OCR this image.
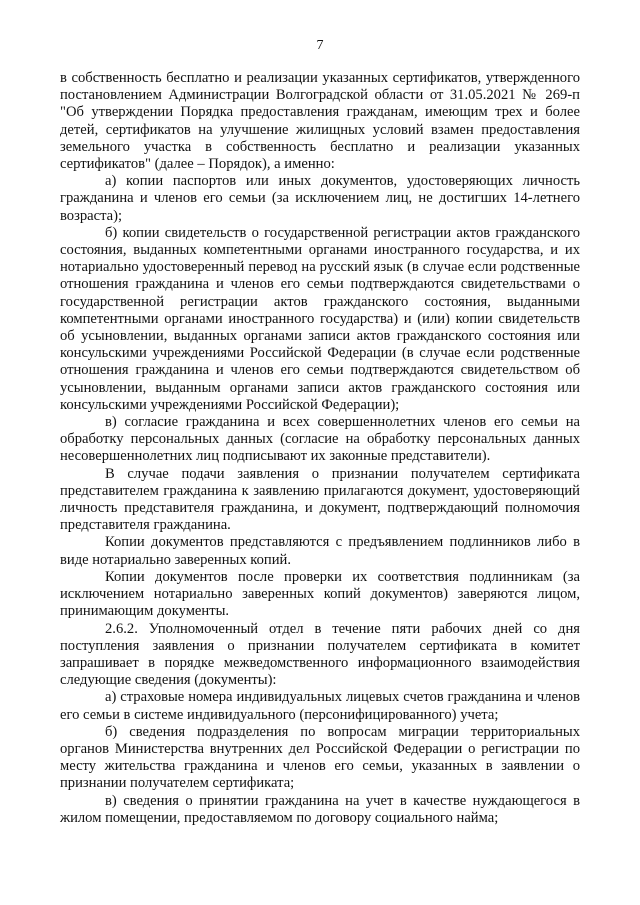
7

в собственность бесплатно и реализации указанных сертификатов, утвержденного постановлением Администрации Волгоградской области от 31.05.2021 № 269-п "Об утверждении Порядка предоставления гражданам, имеющим трех и более детей, сертификатов на улучшение жилищных условий взамен предоставления земельного участка в собственность бесплатно и реализации указанных сертификатов" (далее – Порядок), а именно:

а) копии паспортов или иных документов, удостоверяющих личность гражданина и членов его семьи (за исключением лиц, не достигших 14-летнего возраста);

б) копии свидетельств о государственной регистрации актов гражданского состояния, выданных компетентными органами иностранного государства, и их нотариально удостоверенный перевод на русский язык (в случае если родственные отношения гражданина и членов его семьи подтверждаются свидетельствами о государственной регистрации актов гражданского состояния, выданными компетентными органами иностранного государства) и (или) копии свидетельств об усыновлении, выданных органами записи актов гражданского состояния или консульскими учреждениями Российской Федерации (в случае если родственные отношения гражданина и членов его семьи подтверждаются свидетельством об усыновлении, выданным органами записи актов гражданского состояния или консульскими учреждениями Российской Федерации);

в) согласие гражданина и всех совершеннолетних членов его семьи на обработку персональных данных (согласие на обработку персональных данных несовершеннолетних лиц подписывают их законные представители).

В случае подачи заявления о признании получателем сертификата представителем гражданина к заявлению прилагаются документ, удостоверяющий личность представителя гражданина, и документ, подтверждающий полномочия представителя гражданина.

Копии документов представляются с предъявлением подлинников либо в виде нотариально заверенных копий.

Копии документов после проверки их соответствия подлинникам (за исключением нотариально заверенных копий документов) заверяются лицом, принимающим документы.

2.6.2. Уполномоченный отдел в течение пяти рабочих дней со дня поступления заявления о признании получателем сертификата в комитет запрашивает в порядке межведомственного информационного взаимодействия следующие сведения (документы):

а) страховые номера индивидуальных лицевых счетов гражданина и членов его семьи в системе индивидуального (персонифицированного) учета;

б) сведения подразделения по вопросам миграции территориальных органов Министерства внутренних дел Российской Федерации о регистрации по месту жительства гражданина и членов его семьи, указанных в заявлении о признании получателем сертификата;

в) сведения о принятии гражданина на учет в качестве нуждающегося в жилом помещении, предоставляемом по договору социального найма;
